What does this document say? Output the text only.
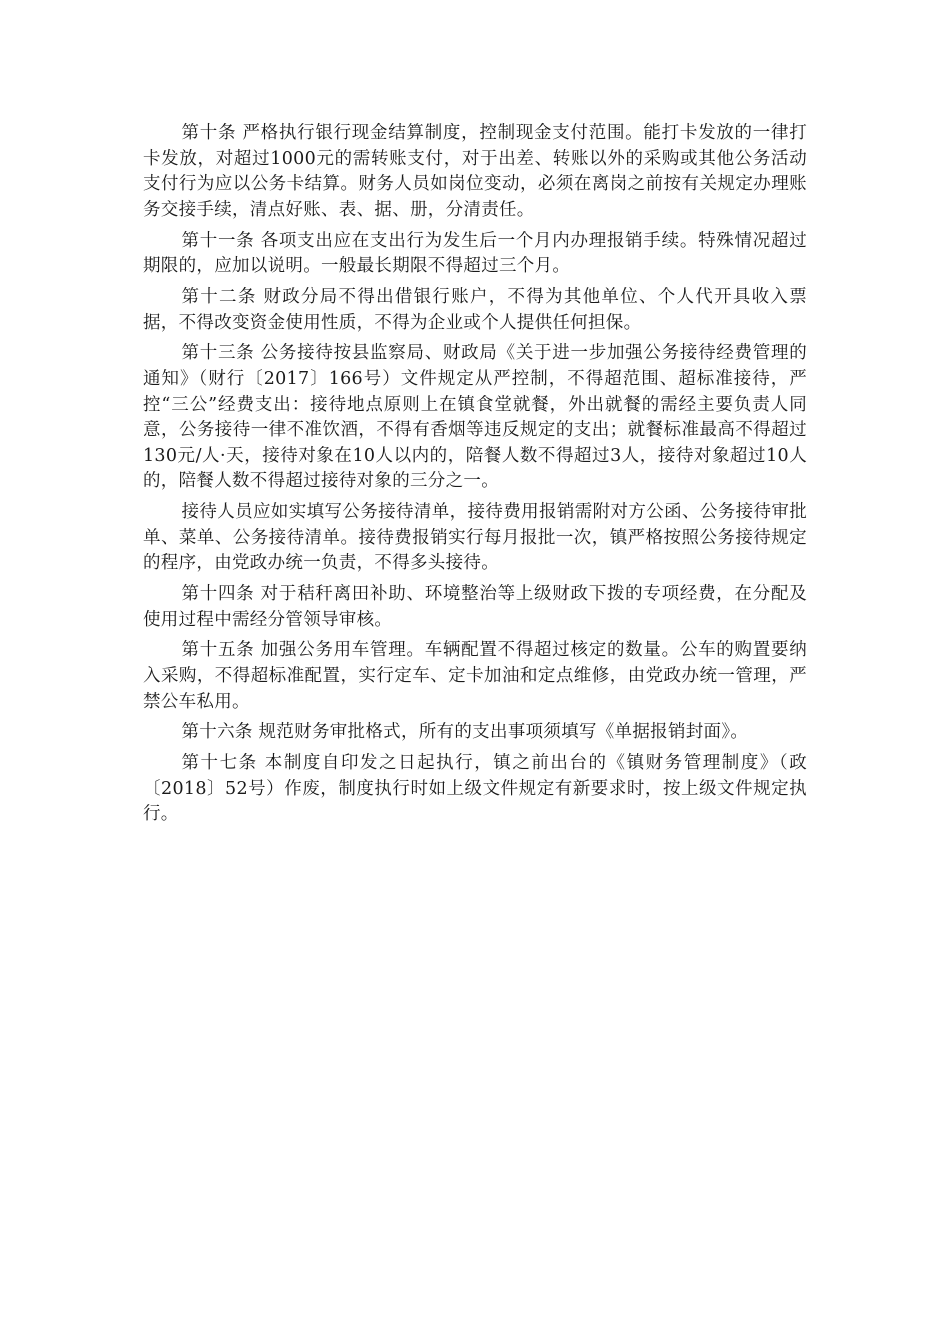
第十条 严格执行银行现金结算制度，控制现金支付范围。能打卡发放的一律打卡发放，对超过1000元的需转账支付，对于出差、转账以外的采购或其他公务活动支付行为应以公务卡结算。财务人员如岗位变动，必须在离岗之前按有关规定办理账务交接手续，清点好账、表、据、册，分清责任。

第十一条 各项支出应在支出行为发生后一个月内办理报销手续。特殊情况超过期限的，应加以说明。一般最长期限不得超过三个月。

第十二条 财政分局不得出借银行账户，不得为其他单位、个人代开具收入票据，不得改变资金使用性质，不得为企业或个人提供任何担保。

第十三条 公务接待按县监察局、财政局《关于进一步加强公务接待经费管理的通知》（财行〔2017〕166号）文件规定从严控制，不得超范围、超标准接待，严控“三公”经费支出：接待地点原则上在镇食堂就餐，外出就餐的需经主要负责人同意，公务接待一律不准饮酒，不得有香烟等违反规定的支出；就餐标准最高不得超过130元/人·天，接待对象在10人以内的，陪餐人数不得超过3人，接待对象超过10人的，陪餐人数不得超过接待对象的三分之一。

接待人员应如实填写公务接待清单，接待费用报销需附对方公函、公务接待审批单、菜单、公务接待清单。接待费报销实行每月报批一次，镇严格按照公务接待规定的程序，由党政办统一负责，不得多头接待。

第十四条 对于秸秆离田补助、环境整治等上级财政下拨的专项经费，在分配及使用过程中需经分管领导审核。

第十五条 加强公务用车管理。车辆配置不得超过核定的数量。公车的购置要纳入采购，不得超标准配置，实行定车、定卡加油和定点维修，由党政办统一管理，严禁公车私用。

第十六条 规范财务审批格式，所有的支出事项须填写《单据报销封面》。

第十七条 本制度自印发之日起执行，镇之前出台的《镇财务管理制度》（政〔2018〕52号）作废，制度执行时如上级文件规定有新要求时，按上级文件规定执行。
